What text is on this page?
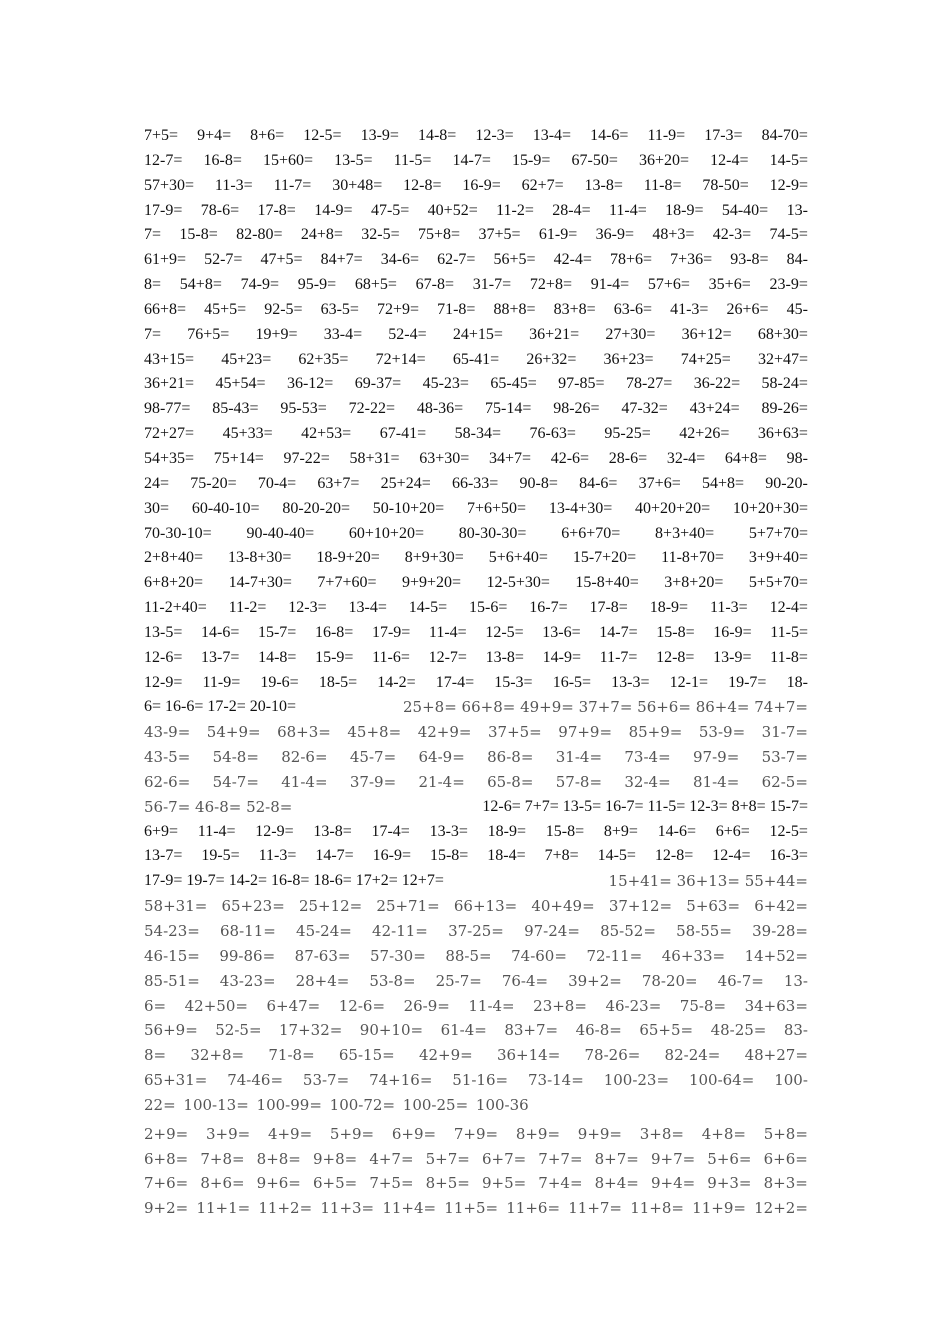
7+5= 9+4= 8+6= 12-5= 13-9= 14-8= 12-3= 13-4= 14-6= 11-9= 17-3= 84-70=
12-7= 16-8= 15+60= 13-5= 11-5= 14-7= 15-9= 67-50= 36+20= 12-4= 14-5=
57+30= 11-3= 11-7= 30+48= 12-8= 16-9= 62+7= 13-8= 11-8= 78-50= 12-9=
17-9= 78-6= 17-8= 14-9= 47-5= 40+52= 11-2= 28-4= 11-4= 18-9= 54-40= 13-
7= 15-8= 82-80= 24+8= 32-5= 75+8= 37+5= 61-9= 36-9= 48+3= 42-3= 74-5=
61+9= 52-7= 47+5= 84+7= 34-6= 62-7= 56+5= 42-4= 78+6= 7+36= 93-8= 84-
8= 54+8= 74-9= 95-9= 68+5= 67-8= 31-7= 72+8= 91-4= 57+6= 35+6= 23-9=
66+8= 45+5= 92-5= 63-5= 72+9= 71-8= 88+8= 83+8= 63-6= 41-3= 26+6= 45-
7= 76+5= 19+9= 33-4= 52-4= 24+15= 36+21= 27+30= 36+12= 68+30=
43+15= 45+23= 62+35= 72+14= 65-41= 26+32= 36+23= 74+25= 32+47=
36+21= 45+54= 36-12= 69-37= 45-23= 65-45= 97-85= 78-27= 36-22= 58-24=
98-77= 85-43= 95-53= 72-22= 48-36= 75-14= 98-26= 47-32= 43+24= 89-26=
72+27= 45+33= 42+53= 67-41= 58-34= 76-63= 95-25= 42+26= 36+63=
54+35= 75+14= 97-22= 58+31= 63+30= 34+7= 42-6= 28-6= 32-4= 64+8= 98-
24= 75-20= 70-4= 63+7= 25+24= 66-33= 90-8= 84-6= 37+6= 54+8= 90-20-
30= 60-40-10= 80-20-20= 50-10+20= 7+6+50= 13-4+30= 40+20+20= 10+20+30=
70-30-10= 90-40-40= 60+10+20= 80-30-30= 6+6+70= 8+3+40= 5+7+70=
2+8+40= 13-8+30= 18-9+20= 8+9+30= 5+6+40= 15-7+20= 11-8+70= 3+9+40=
6+8+20= 14-7+30= 7+7+60= 9+9+20= 12-5+30= 15-8+40= 3+8+20= 5+5+70=
11-2+40= 11-2= 12-3= 13-4= 14-5= 15-6= 16-7= 17-8= 18-9= 11-3= 12-4=
13-5= 14-6= 15-7= 16-8= 17-9= 11-4= 12-5= 13-6= 14-7= 15-8= 16-9= 11-5=
12-6= 13-7= 14-8= 15-9= 11-6= 12-7= 13-8= 14-9= 11-7= 12-8= 13-9= 11-8=
12-9= 11-9= 19-6= 18-5= 14-2= 17-4= 15-3= 16-5= 13-3= 12-1= 19-7= 18-
6= 16-6= 17-2= 20-10=	25+8= 66+8= 49+9= 37+7= 56+6= 86+4= 74+7=
43-9= 54+9= 68+3= 45+8= 42+9= 37+5= 97+9= 85+9= 53-9= 31-7=
43-5= 54-8= 82-6= 45-7= 64-9= 86-8= 31-4= 73-4= 97-9= 53-7=
62-6= 54-7= 41-4= 37-9= 21-4= 65-8= 57-8= 32-4= 81-4= 62-5=
56-7= 46-8= 52-8=	12-6= 7+7= 13-5= 16-7= 11-5= 12-3= 8+8= 15-7=
6+9= 11-4= 12-9= 13-8= 17-4= 13-3= 18-9= 15-8= 8+9= 14-6= 6+6= 12-5=
13-7= 19-5= 11-3= 14-7= 16-9= 15-8= 18-4= 7+8= 14-5= 12-8= 12-4= 16-3=
17-9= 19-7= 14-2= 16-8= 18-6= 17+2= 12+7=	15+41= 36+13= 55+44=
58+31= 65+23= 25+12= 25+71= 66+13= 40+49= 37+12= 5+63= 6+42=
54-23= 68-11= 45-24= 42-11= 37-25= 97-24= 85-52= 58-55= 39-28=
46-15= 99-86= 87-63= 57-30= 88-5= 74-60= 72-11= 46+33= 14+52=
85-51= 43-23= 28+4= 53-8= 25-7= 76-4= 39+2= 78-20= 46-7= 13-
6= 42+50= 6+47= 12-6= 26-9= 11-4= 23+8= 46-23= 75-8= 34+63=
56+9= 52-5= 17+32= 90+10= 61-4= 83+7= 46-8= 65+5= 48-25= 83-
8= 32+8= 71-8= 65-15= 42+9= 36+14= 78-26= 82-24= 48+27=
65+31= 74-46= 53-7= 74+16= 51-16= 73-14= 100-23= 100-64= 100-
22= 100-13= 100-99= 100-72= 100-25= 100-36
2+9= 3+9= 4+9= 5+9= 6+9= 7+9= 8+9= 9+9= 3+8= 4+8= 5+8=
6+8= 7+8= 8+8= 9+8= 4+7= 5+7= 6+7= 7+7= 8+7= 9+7= 5+6= 6+6=
7+6= 8+6= 9+6= 6+5= 7+5= 8+5= 9+5= 7+4= 8+4= 9+4= 9+3= 8+3=
9+2= 11+1= 11+2= 11+3= 11+4= 11+5= 11+6= 11+7= 11+8= 11+9= 12+2=
